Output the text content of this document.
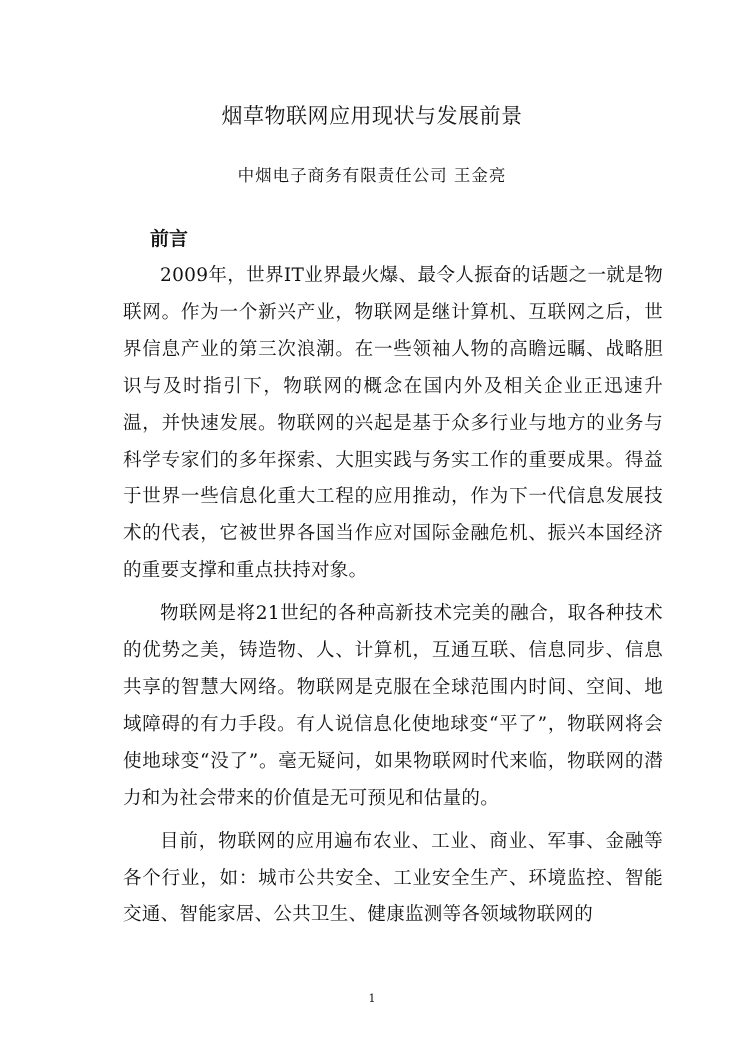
烟草物联网应用现状与发展前景
中烟电子商务有限责任公司 王金亮
前言

2009年，世界IT业界最火爆、最令人振奋的话题之一就是物联网。作为一个新兴产业，物联网是继计算机、互联网之后，世界信息产业的第三次浪潮。在一些领袖人物的高瞻远瞩、战略胆识与及时指引下，物联网的概念在国内外及相关企业正迅速升温，并快速发展。物联网的兴起是基于众多行业与地方的业务与科学专家们的多年探索、大胆实践与务实工作的重要成果。得益于世界一些信息化重大工程的应用推动，作为下一代信息发展技术的代表，它被世界各国当作应对国际金融危机、振兴本国经济的重要支撑和重点扶持对象。

物联网是将21世纪的各种高新技术完美的融合，取各种技术的优势之美，铸造物、人、计算机，互通互联、信息同步、信息共享的智慧大网络。物联网是克服在全球范围内时间、空间、地域障碍的有力手段。有人说信息化使地球变“平了”，物联网将会使地球变“没了”。毫无疑问，如果物联网时代来临，物联网的潜力和为社会带来的价值是无可预见和估量的。

目前，物联网的应用遍布农业、工业、商业、军事、金融等各个行业，如：城市公共安全、工业安全生产、环境监控、智能交通、智能家居、公共卫生、健康监测等各领域物联网的

1
